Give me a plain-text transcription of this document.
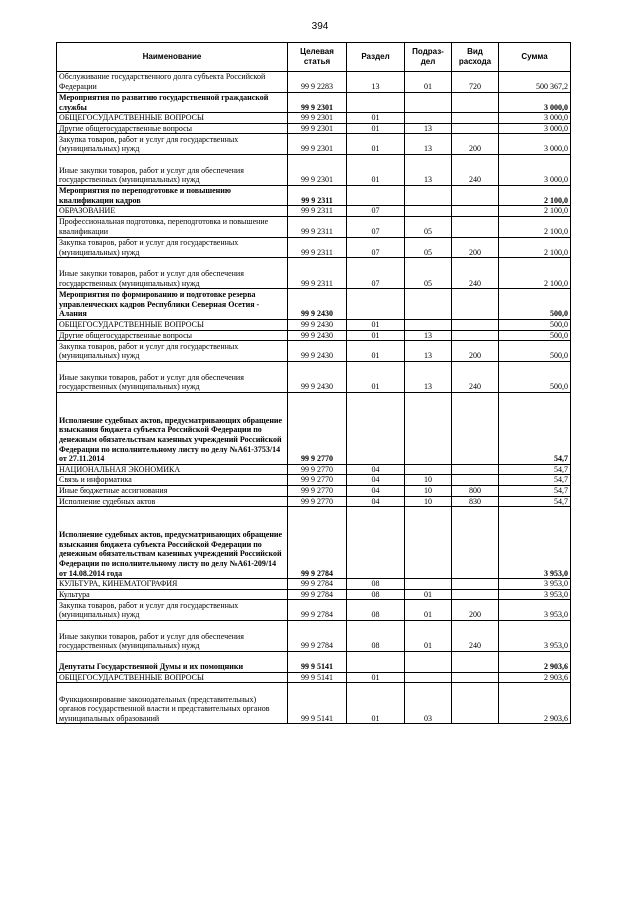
394
Наименование	Целевая статья	Раздел	Подраз-дел	Вид расхода	Сумма
Обслуживание государственного долга субъекта Российской Федерации	99 9 2283	13	01	720	500 367,2
Мероприятия по развитию государственной гражданской службы	99 9 2301				3 000,0
ОБЩЕГОСУДАРСТВЕННЫЕ ВОПРОСЫ	99 9 2301	01			3 000,0
Другие общегосударственные вопросы	99 9 2301	01	13		3 000,0
Закупка товаров, работ и услуг для государственных (муниципальных) нужд	99 9 2301	01	13	200	3 000,0
Иные закупки товаров, работ и услуг для обеспечения государственных (муниципальных) нужд	99 9 2301	01	13	240	3 000,0
Мероприятия по переподготовке и повышению квалификации кадров	99 9 2311				2 100,0
ОБРАЗОВАНИЕ	99 9 2311	07			2 100,0
Профессиональная подготовка, переподготовка и повышение квалификации	99 9 2311	07	05		2 100,0
Закупка товаров, работ и услуг для государственных (муниципальных) нужд	99 9 2311	07	05	200	2 100,0
Иные закупки товаров, работ и услуг для обеспечения государственных (муниципальных) нужд	99 9 2311	07	05	240	2 100,0
Мероприятия по формированию и подготовке резерва управленческих кадров Республики Северная Осетия - Алания	99 9 2430				500,0
ОБЩЕГОСУДАРСТВЕННЫЕ ВОПРОСЫ	99 9 2430	01			500,0
Другие общегосударственные вопросы	99 9 2430	01	13		500,0
Закупка товаров, работ и услуг для государственных (муниципальных) нужд	99 9 2430	01	13	200	500,0
Иные закупки товаров, работ и услуг для обеспечения государственных (муниципальных) нужд	99 9 2430	01	13	240	500,0
Исполнение судебных актов, предусматривающих обращение взыскания бюджета субъекта Российской Федерации по денежным обязательствам казенных учреждений Российской Федерации по исполнительному листу по делу №А61-3753/14 от 27.11.2014	99 9 2770				54,7
НАЦИОНАЛЬНАЯ ЭКОНОМИКА	99 9 2770	04			54,7
Связь и информатика	99 9 2770	04	10		54,7
Иные бюджетные ассигнования	99 9 2770	04	10	800	54,7
Исполнение судебных актов	99 9 2770	04	10	830	54,7
Исполнение судебных актов, предусматривающих обращение взыскания бюджета субъекта Российской Федерации по денежным обязательствам казенных учреждений Российской Федерации по исполнительному листу по делу №А61-209/14 от 14.08.2014 года	99 9 2784				3 953,0
КУЛЬТУРА, КИНЕМАТОГРАФИЯ	99 9 2784	08			3 953,0
Культура	99 9 2784	08	01		3 953,0
Закупка товаров, работ и услуг для государственных (муниципальных) нужд	99 9 2784	08	01	200	3 953,0
Иные закупки товаров, работ и услуг для обеспечения государственных (муниципальных) нужд	99 9 2784	08	01	240	3 953,0
Депутаты Государственной Думы и их помощники	99 9 5141				2 903,6
ОБЩЕГОСУДАРСТВЕННЫЕ ВОПРОСЫ	99 9 5141	01			2 903,6
Функционирование законодательных (представительных) органов государственной власти и представительных органов муниципальных образований	99 9 5141	01	03		2 903,6
